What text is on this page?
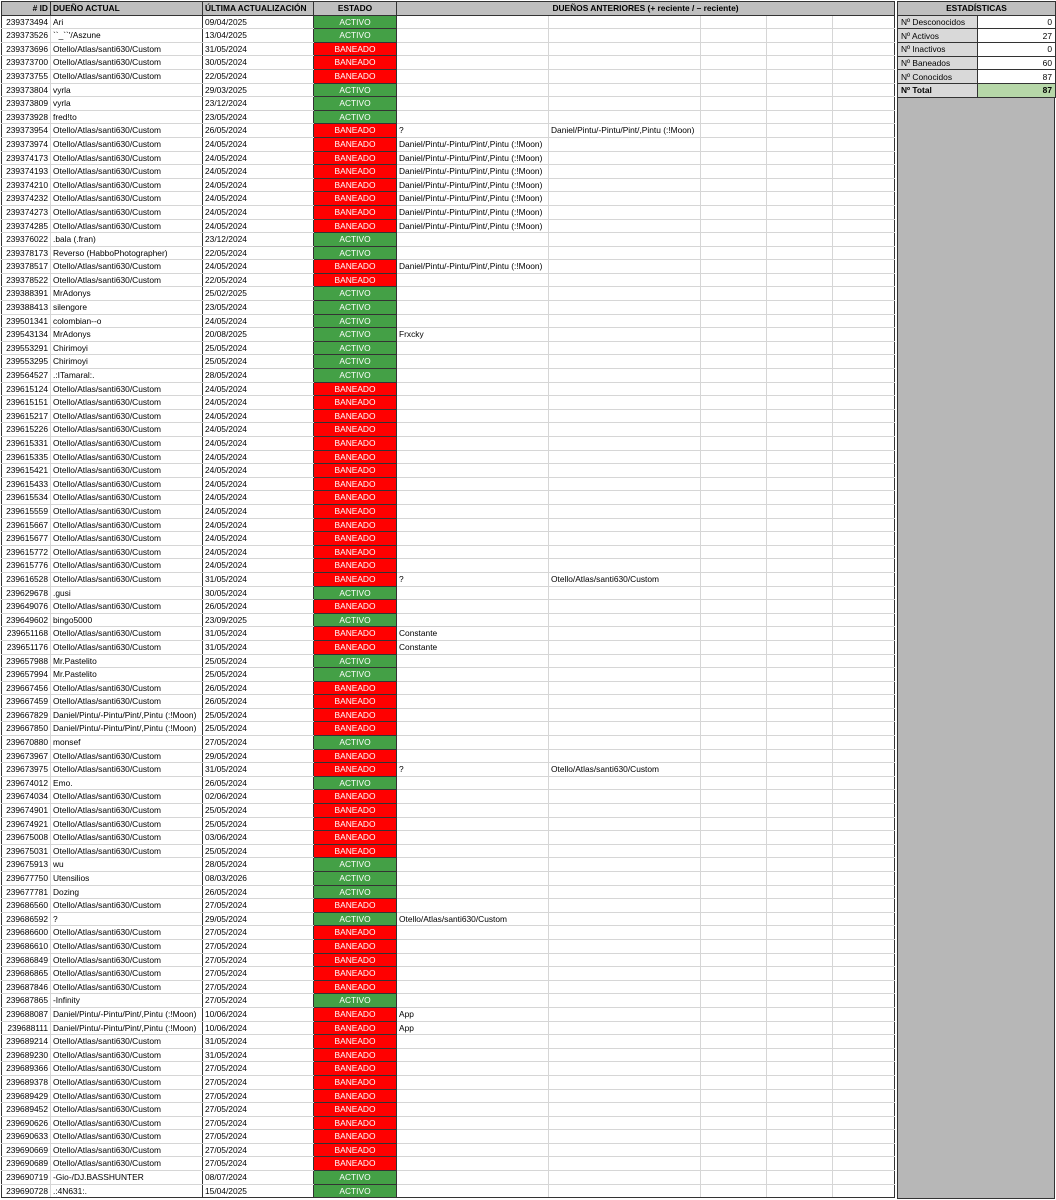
# ID	DUEÑO ACTUAL	ÚLTIMA ACTUALIZACIÓN	ESTADO	DUEÑOS ANTERIORES (+ reciente / – reciente)				
239373494	Ari	09/04/2025	ACTIVO					
239373526	``_``'/Aszune	13/04/2025	ACTIVO					
239373696	Otello/Atlas/santi630/Custom	31/05/2024	BANEADO					
239373700	Otello/Atlas/santi630/Custom	30/05/2024	BANEADO					
239373755	Otello/Atlas/santi630/Custom	22/05/2024	BANEADO					
239373804	vyrla	29/03/2025	ACTIVO					
239373809	vyrla	23/12/2024	ACTIVO					
239373928	fred!to	23/05/2024	ACTIVO					
239373954	Otello/Atlas/santi630/Custom	26/05/2024	BANEADO	?	Daniel/Pintu/-Pintu/Pint/,Pintu (:!Moon)			
239373974	Otello/Atlas/santi630/Custom	24/05/2024	BANEADO	Daniel/Pintu/-Pintu/Pint/,Pintu (:!Moon)				
239374173	Otello/Atlas/santi630/Custom	24/05/2024	BANEADO	Daniel/Pintu/-Pintu/Pint/,Pintu (:!Moon)				
239374193	Otello/Atlas/santi630/Custom	24/05/2024	BANEADO	Daniel/Pintu/-Pintu/Pint/,Pintu (:!Moon)				
239374210	Otello/Atlas/santi630/Custom	24/05/2024	BANEADO	Daniel/Pintu/-Pintu/Pint/,Pintu (:!Moon)				
239374232	Otello/Atlas/santi630/Custom	24/05/2024	BANEADO	Daniel/Pintu/-Pintu/Pint/,Pintu (:!Moon)				
239374273	Otello/Atlas/santi630/Custom	24/05/2024	BANEADO	Daniel/Pintu/-Pintu/Pint/,Pintu (:!Moon)				
239374285	Otello/Atlas/santi630/Custom	24/05/2024	BANEADO	Daniel/Pintu/-Pintu/Pint/,Pintu (:!Moon)				
239376022	.bala (.fran)	23/12/2024	ACTIVO					
239378173	Reverso (HabboPhotographer)	22/05/2024	ACTIVO					
239378517	Otello/Atlas/santi630/Custom	24/05/2024	BANEADO	Daniel/Pintu/-Pintu/Pint/,Pintu (:!Moon)				
239378522	Otello/Atlas/santi630/Custom	22/05/2024	BANEADO					
239388391	MrAdonys	25/02/2025	ACTIVO					
239388413	silengore	23/05/2024	ACTIVO					
239501341	colombian--o	24/05/2024	ACTIVO					
239543134	MrAdonys	20/08/2025	ACTIVO	Frxcky				
239553291	Chirimoyi	25/05/2024	ACTIVO					
239553295	Chirimoyi	25/05/2024	ACTIVO					
239564527	.:ITamaral:.	28/05/2024	ACTIVO					
239615124	Otello/Atlas/santi630/Custom	24/05/2024	BANEADO					
239615151	Otello/Atlas/santi630/Custom	24/05/2024	BANEADO					
239615217	Otello/Atlas/santi630/Custom	24/05/2024	BANEADO					
239615226	Otello/Atlas/santi630/Custom	24/05/2024	BANEADO					
239615331	Otello/Atlas/santi630/Custom	24/05/2024	BANEADO					
239615335	Otello/Atlas/santi630/Custom	24/05/2024	BANEADO					
239615421	Otello/Atlas/santi630/Custom	24/05/2024	BANEADO					
239615433	Otello/Atlas/santi630/Custom	24/05/2024	BANEADO					
239615534	Otello/Atlas/santi630/Custom	24/05/2024	BANEADO					
239615559	Otello/Atlas/santi630/Custom	24/05/2024	BANEADO					
239615667	Otello/Atlas/santi630/Custom	24/05/2024	BANEADO					
239615677	Otello/Atlas/santi630/Custom	24/05/2024	BANEADO					
239615772	Otello/Atlas/santi630/Custom	24/05/2024	BANEADO					
239615776	Otello/Atlas/santi630/Custom	24/05/2024	BANEADO					
239616528	Otello/Atlas/santi630/Custom	31/05/2024	BANEADO	?	Otello/Atlas/santi630/Custom			
239629678	.gusi	30/05/2024	ACTIVO					
239649076	Otello/Atlas/santi630/Custom	26/05/2024	BANEADO					
239649602	bingo5000	23/09/2025	ACTIVO					
239651168	Otello/Atlas/santi630/Custom	31/05/2024	BANEADO	Constante				
239651176	Otello/Atlas/santi630/Custom	31/05/2024	BANEADO	Constante				
239657988	Mr.Pastelito	25/05/2024	ACTIVO					
239657994	Mr.Pastelito	25/05/2024	ACTIVO					
239667456	Otello/Atlas/santi630/Custom	26/05/2024	BANEADO					
239667459	Otello/Atlas/santi630/Custom	26/05/2024	BANEADO					
239667829	Daniel/Pintu/-Pintu/Pint/,Pintu (:!Moon)	25/05/2024	BANEADO					
239667850	Daniel/Pintu/-Pintu/Pint/,Pintu (:!Moon)	25/05/2024	BANEADO					
239670880	monsef	27/05/2024	ACTIVO					
239673967	Otello/Atlas/santi630/Custom	29/05/2024	BANEADO					
239673975	Otello/Atlas/santi630/Custom	31/05/2024	BANEADO	?	Otello/Atlas/santi630/Custom			
239674012	Emo.	26/05/2024	ACTIVO					
239674034	Otello/Atlas/santi630/Custom	02/06/2024	BANEADO					
239674901	Otello/Atlas/santi630/Custom	25/05/2024	BANEADO					
239674921	Otello/Atlas/santi630/Custom	25/05/2024	BANEADO					
239675008	Otello/Atlas/santi630/Custom	03/06/2024	BANEADO					
239675031	Otello/Atlas/santi630/Custom	25/05/2024	BANEADO					
239675913	wu	28/05/2024	ACTIVO					
239677750	Utensilios	08/03/2026	ACTIVO					
239677781	Dozing	26/05/2024	ACTIVO					
239686560	Otello/Atlas/santi630/Custom	27/05/2024	BANEADO					
239686592	?	29/05/2024	ACTIVO	Otello/Atlas/santi630/Custom				
239686600	Otello/Atlas/santi630/Custom	27/05/2024	BANEADO					
239686610	Otello/Atlas/santi630/Custom	27/05/2024	BANEADO					
239686849	Otello/Atlas/santi630/Custom	27/05/2024	BANEADO					
239686865	Otello/Atlas/santi630/Custom	27/05/2024	BANEADO					
239687846	Otello/Atlas/santi630/Custom	27/05/2024	BANEADO					
239687865	-Infinity	27/05/2024	ACTIVO					
239688087	Daniel/Pintu/-Pintu/Pint/,Pintu (:!Moon)	10/06/2024	BANEADO	App				
239688111	Daniel/Pintu/-Pintu/Pint/,Pintu (:!Moon)	10/06/2024	BANEADO	App				
239689214	Otello/Atlas/santi630/Custom	31/05/2024	BANEADO					
239689230	Otello/Atlas/santi630/Custom	31/05/2024	BANEADO					
239689366	Otello/Atlas/santi630/Custom	27/05/2024	BANEADO					
239689378	Otello/Atlas/santi630/Custom	27/05/2024	BANEADO					
239689429	Otello/Atlas/santi630/Custom	27/05/2024	BANEADO					
239689452	Otello/Atlas/santi630/Custom	27/05/2024	BANEADO					
239690626	Otello/Atlas/santi630/Custom	27/05/2024	BANEADO					
239690633	Otello/Atlas/santi630/Custom	27/05/2024	BANEADO					
239690669	Otello/Atlas/santi630/Custom	27/05/2024	BANEADO					
239690689	Otello/Atlas/santi630/Custom	27/05/2024	BANEADO					
239690719	-Gio-/DJ.BASSHUNTER	08/07/2024	ACTIVO					
239690728	.:4N631:.	15/04/2025	ACTIVO					
ESTADÍSTICAS	
Nº Desconocidos	0
Nº Activos	27
Nº Inactivos	0
Nº Baneados	60
Nº Conocidos	87
Nº Total	87
